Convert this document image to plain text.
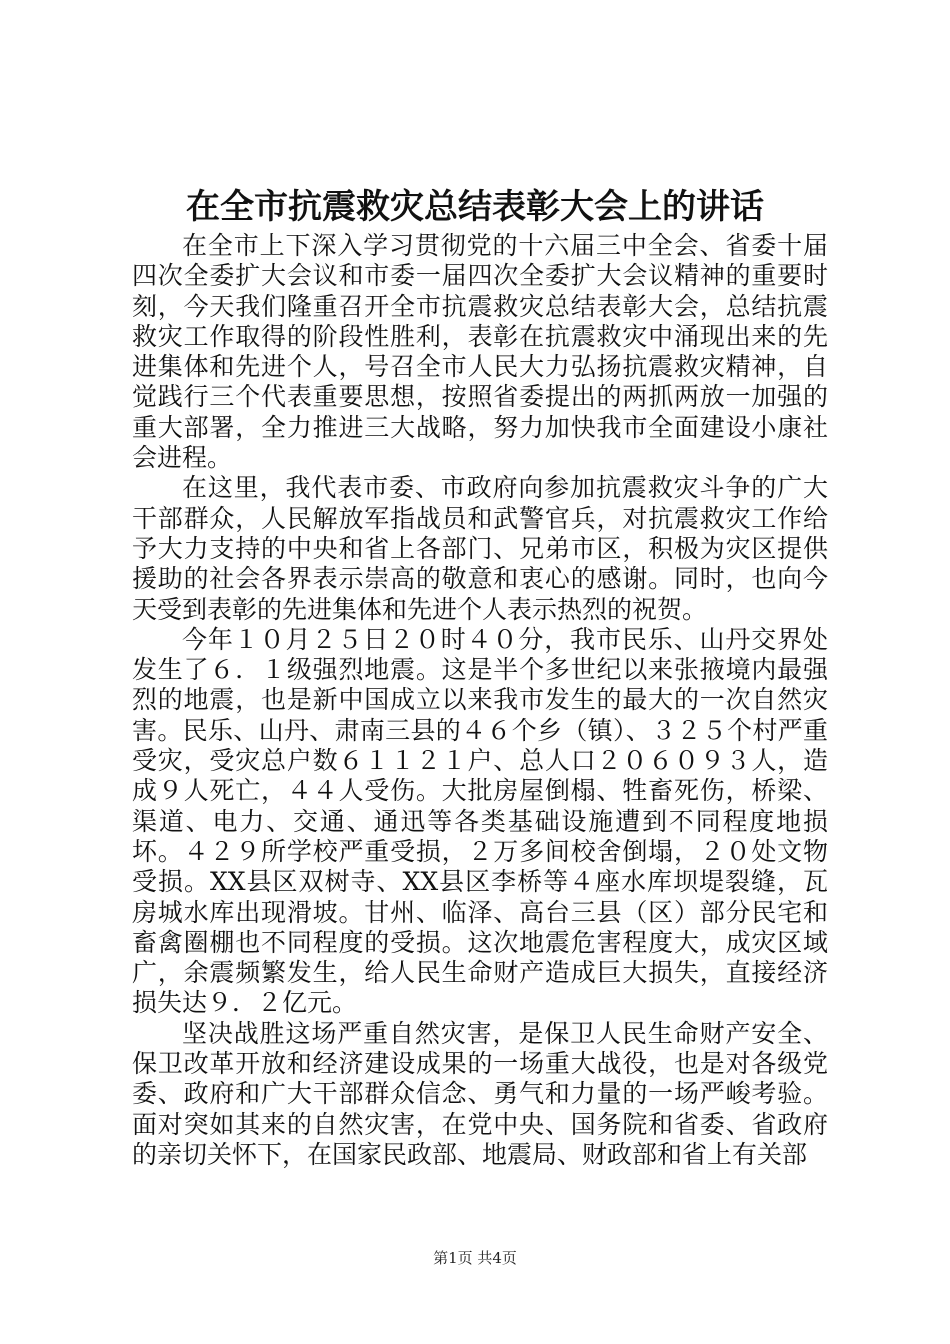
在全市抗震救灾总结表彰大会上的讲话

在全市上下深入学习贯彻党的十六届三中全会、省委十届四次全委扩大会议和市委一届四次全委扩大会议精神的重要时刻，今天我们隆重召开全市抗震救灾总结表彰大会，总结抗震救灾工作取得的阶段性胜利，表彰在抗震救灾中涌现出来的先进集体和先进个人，号召全市人民大力弘扬抗震救灾精神，自觉践行三个代表重要思想，按照省委提出的两抓两放一加强的重大部署，全力推进三大战略，努力加快我市全面建设小康社会进程。

在这里，我代表市委、市政府向参加抗震救灾斗争的广大干部群众，人民解放军指战员和武警官兵，对抗震救灾工作给予大力支持的中央和省上各部门、兄弟市区，积极为灾区提供援助的社会各界表示崇高的敬意和衷心的感谢。同时，也向今天受到表彰的先进集体和先进个人表示热烈的祝贺。

今年１０月２５日２０时４０分，我市民乐、山丹交界处发生了６．１级强烈地震。这是半个多世纪以来张掖境内最强烈的地震，也是新中国成立以来我市发生的最大的一次自然灾害。民乐、山丹、肃南三县的４６个乡（镇）、３２５个村严重受灾，受灾总户数６１１２１户、总人口２０６０９３人，造成９人死亡，４４人受伤。大批房屋倒榻、牲畜死伤，桥梁、渠道、电力、交通、通迅等各类基础设施遭到不同程度地损坏。４２９所学校严重受损，２万多间校舍倒塌，２０处文物受损。XX县区双树寺、XX县区李桥等４座水库坝堤裂缝，瓦房城水库出现滑坡。甘州、临泽、高台三县（区）部分民宅和畜禽圈棚也不同程度的受损。这次地震危害程度大，成灾区域广，余震频繁发生，给人民生命财产造成巨大损失，直接经济损失达９．２亿元。

坚决战胜这场严重自然灾害，是保卫人民生命财产安全、保卫改革开放和经济建设成果的一场重大战役，也是对各级党委、政府和广大干部群众信念、勇气和力量的一场严峻考验。面对突如其来的自然灾害，在党中央、国务院和省委、省政府的亲切关怀下，在国家民政部、地震局、财政部和省上有关部

第1页 共4页
